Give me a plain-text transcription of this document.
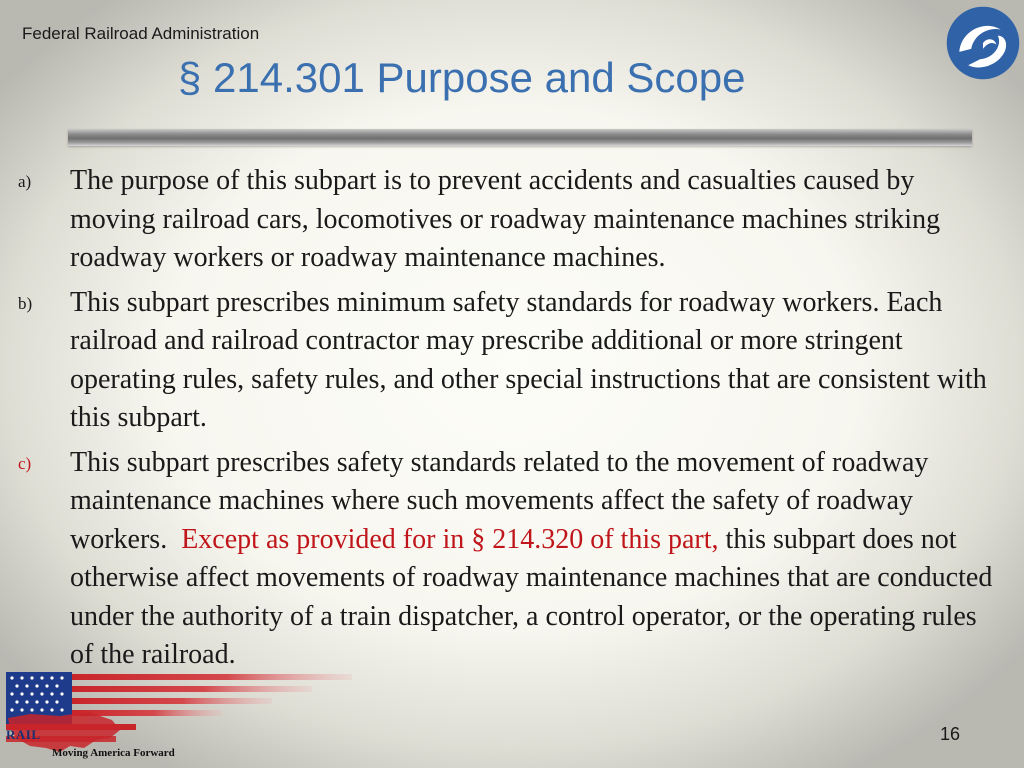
Federal Railroad Administration
§ 214.301 Purpose and Scope
a) The purpose of this subpart is to prevent accidents and casualties caused by moving railroad cars, locomotives or roadway maintenance machines striking roadway workers or roadway maintenance machines.
b) This subpart prescribes minimum safety standards for roadway workers. Each railroad and railroad contractor may prescribe additional or more stringent operating rules, safety rules, and other special instructions that are consistent with this subpart.
c) This subpart prescribes safety standards related to the movement of roadway maintenance machines where such movements affect the safety of roadway workers. Except as provided for in § 214.320 of this part, this subpart does not otherwise affect movements of roadway maintenance machines that are conducted under the authority of a train dispatcher, a control operator, or the operating rules of the railroad.
RAIL
Moving America Forward
16
